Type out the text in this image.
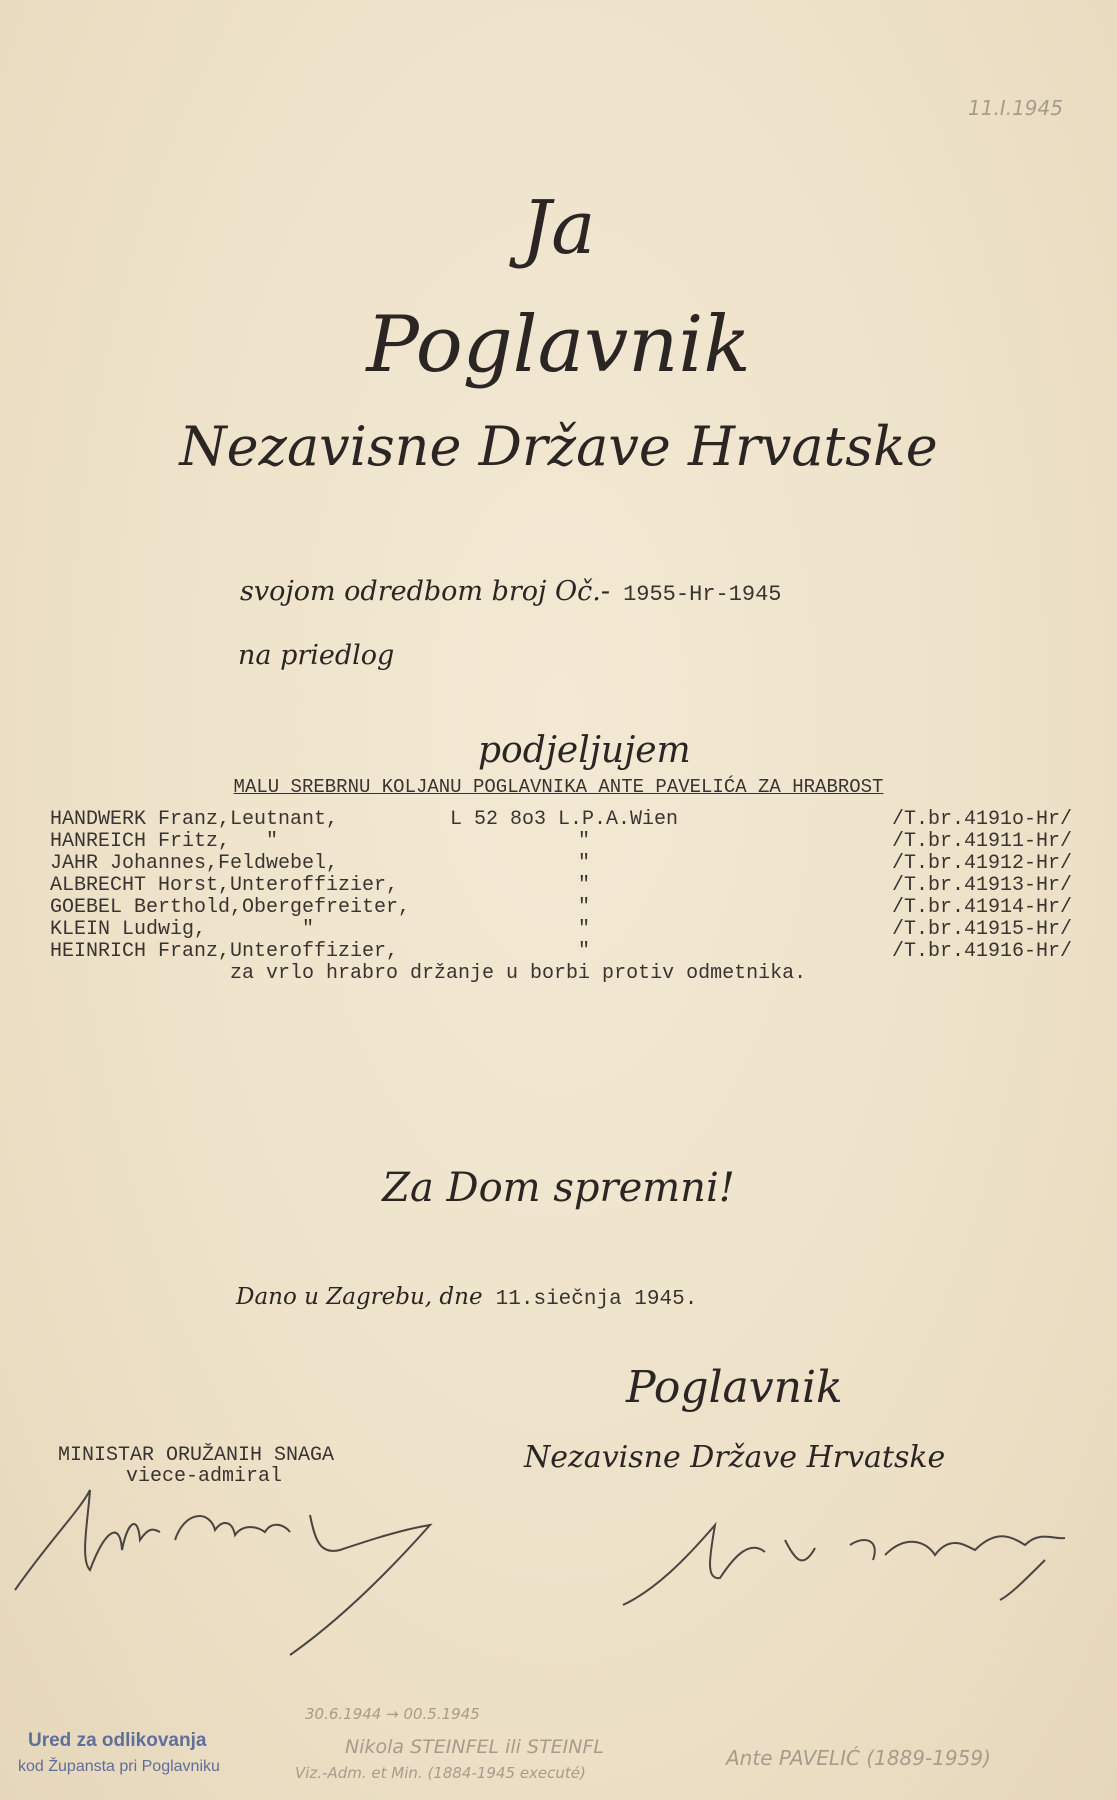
11.I.1945
Ja
Poglavnik
Nezavisne Države Hrvatske
svojom odredbom broj Oč.- 1955-Hr-1945
na priedlog
podjeljujem
MALU SREBRNU KOLJANU POGLAVNIKA ANTE PAVELIĆA ZA HRABROST
HANDWERK Franz,Leutnant,	L 52 8o3 L.P.A.Wien	/T.br.4191o-Hr/
HANREICH Fritz,   "	"	/T.br.41911-Hr/
JAHR Johannes,Feldwebel,	"	/T.br.41912-Hr/
ALBRECHT Horst,Unteroffizier,	"	/T.br.41913-Hr/
GOEBEL Berthold,Obergefreiter,	"	/T.br.41914-Hr/
KLEIN Ludwig,        "	"	/T.br.41915-Hr/
HEINRICH Franz,Unteroffizier,	"	/T.br.41916-Hr/
za vrlo hrabro držanje u borbi protiv odmetnika.
Za Dom spremni!
Dano u Zagrebu, dne 11.siečnja 1945.
Poglavnik
Nezavisne Države Hrvatske
MINISTAR ORUŽANIH SNAGA
viece-admiral
Ured za odlikovanja
kod Župansta pri Poglavniku
30.6.1944 → 00.5.1945
Nikola STEINFEL ili STEINFL
Viz.-Adm. et Min. (1884-1945 executé)
Ante PAVELIĆ (1889-1959)
